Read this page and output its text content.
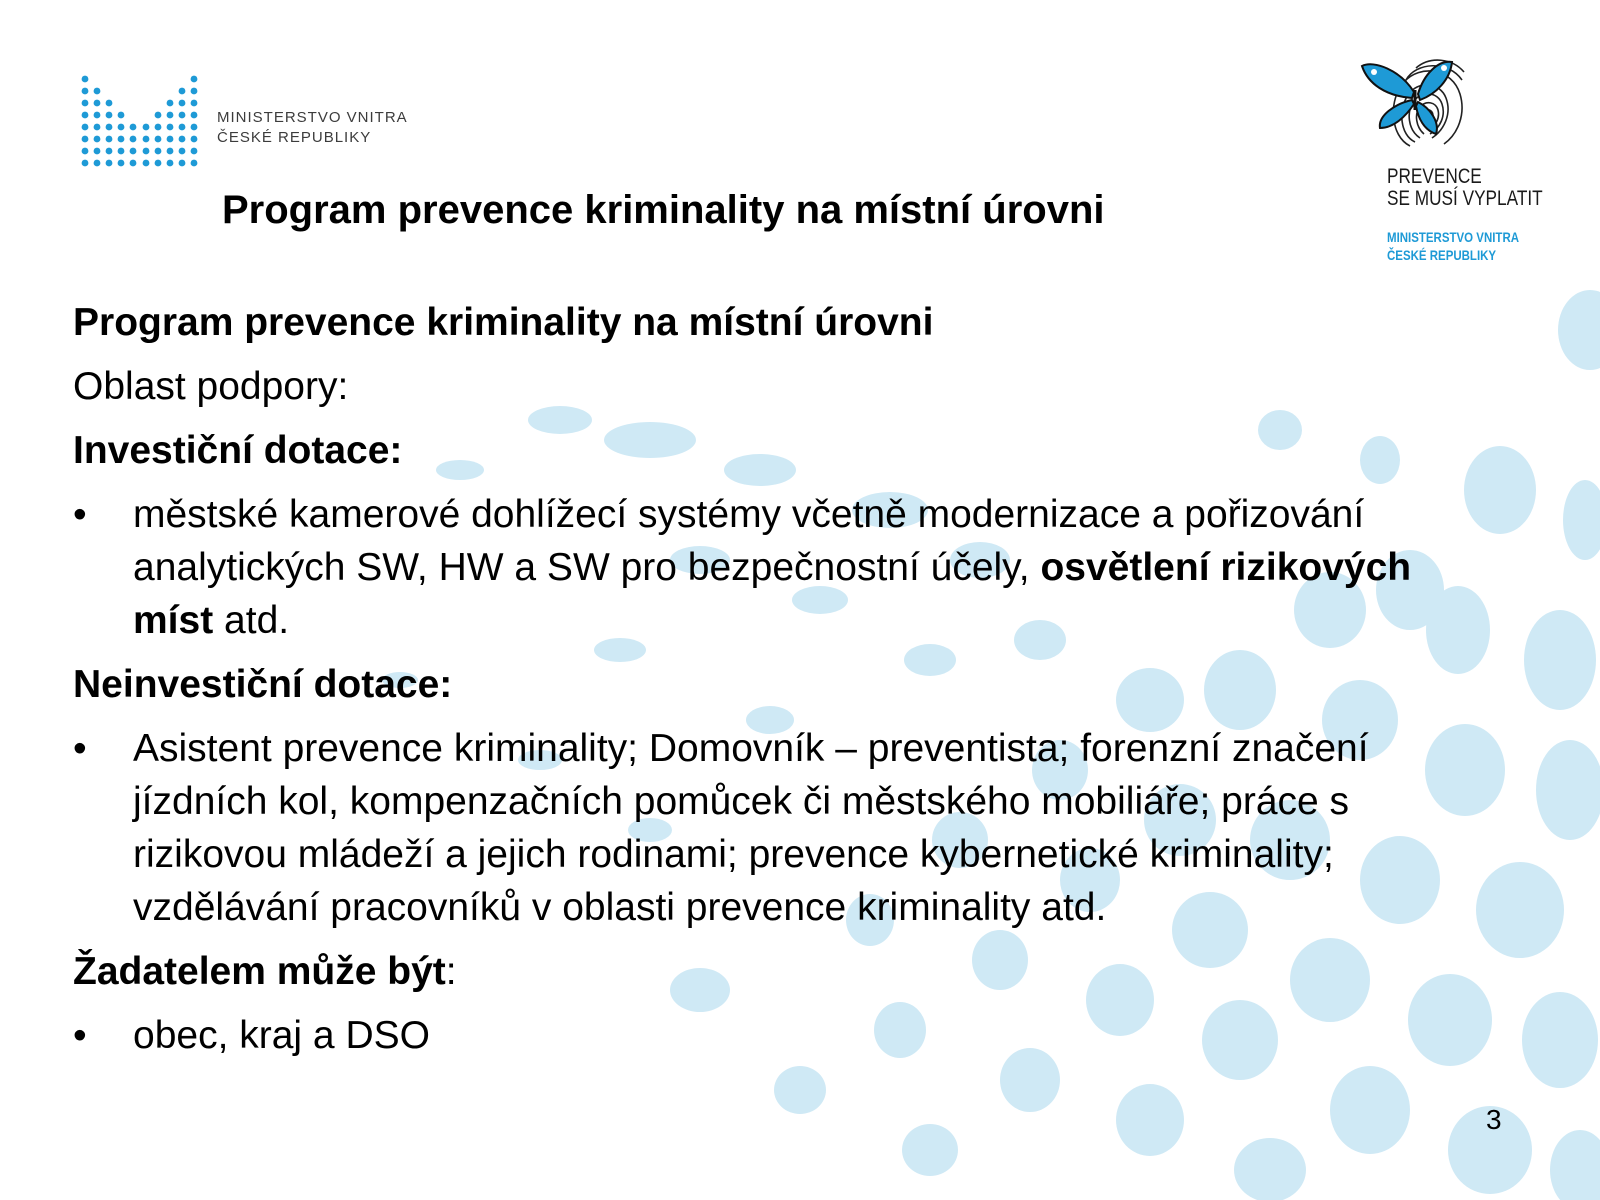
MINISTERSTVO VNITRA
ČESKÉ REPUBLIKY
PREVENCE
SE MUSÍ VYPLATIT
MINISTERSTVO VNITRA
ČESKÉ REPUBLIKY
Program prevence kriminality na místní úrovni
Program prevence kriminality na místní úrovni
Oblast podpory:
Investiční dotace:
• městské kamerové dohlížecí systémy včetně modernizace a pořizování analytických SW, HW a SW pro bezpečnostní účely, osvětlení rizikových míst atd.
Neinvestiční dotace:
• Asistent prevence kriminality; Domovník – preventista; forenzní značení jízdních kol, kompenzačních pomůcek či městského mobiliáře; práce s rizikovou mládeží a jejich rodinami; prevence kybernetické kriminality; vzdělávání pracovníků v oblasti prevence kriminality atd.
Žadatelem může být:
• obec, kraj a DSO
3
